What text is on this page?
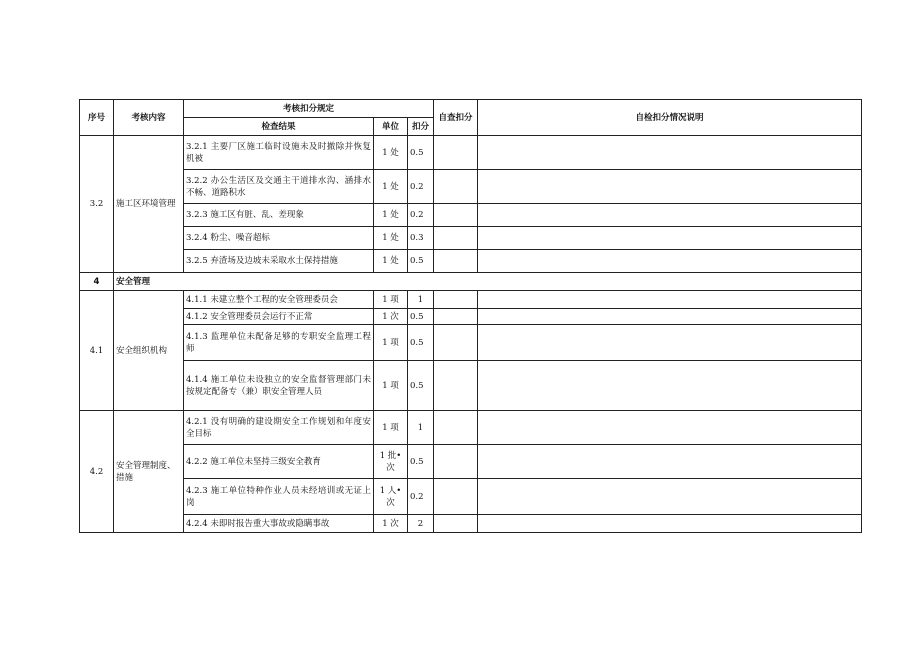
序号	考核内容	考核扣分规定			自查扣分	自检扣分情况说明
		检查结果	单位	扣分		
3.2	施工区环境管理	3.2.1 主要厂区施工临时设施未及时撤除并恢复机被	1 处	0.5		
		3.2.2 办公生活区及交通主干道排水沟、涵排水不畅、道路积水	1 处	0.2		
		3.2.3 施工区有脏、乱、差现象	1 处	0.2		
		3.2.4 粉尘、噪音超标	1 处	0.3		
		3.2.5 弃渣场及边坡未采取水土保持措施	1 处	0.5		
4	安全管理					
4.1	安全组织机构	4.1.1 未建立整个工程的安全管理委员会	1 项	1		
		4.1.2 安全管理委员会运行不正常	1 次	0.5		
		4.1.3 监理单位未配备足够的专职安全监理工程师	1 项	0.5		
		4.1.4 施工单位未设独立的安全监督管理部门未按规定配备专（兼）职安全管理人员	1 项	0.5		
4.2	安全管理制度、措施	4.2.1 没有明确的建设期安全工作规划和年度安全目标	1 项	1		
		4.2.2 施工单位未坚持三级安全教育	1 批•次	0.5		
		4.2.3 施工单位特种作业人员未经培训或无证上岗	1 人•次	0.2		
		4.2.4 未即时报告重大事故或隐瞒事故	1 次	2		
